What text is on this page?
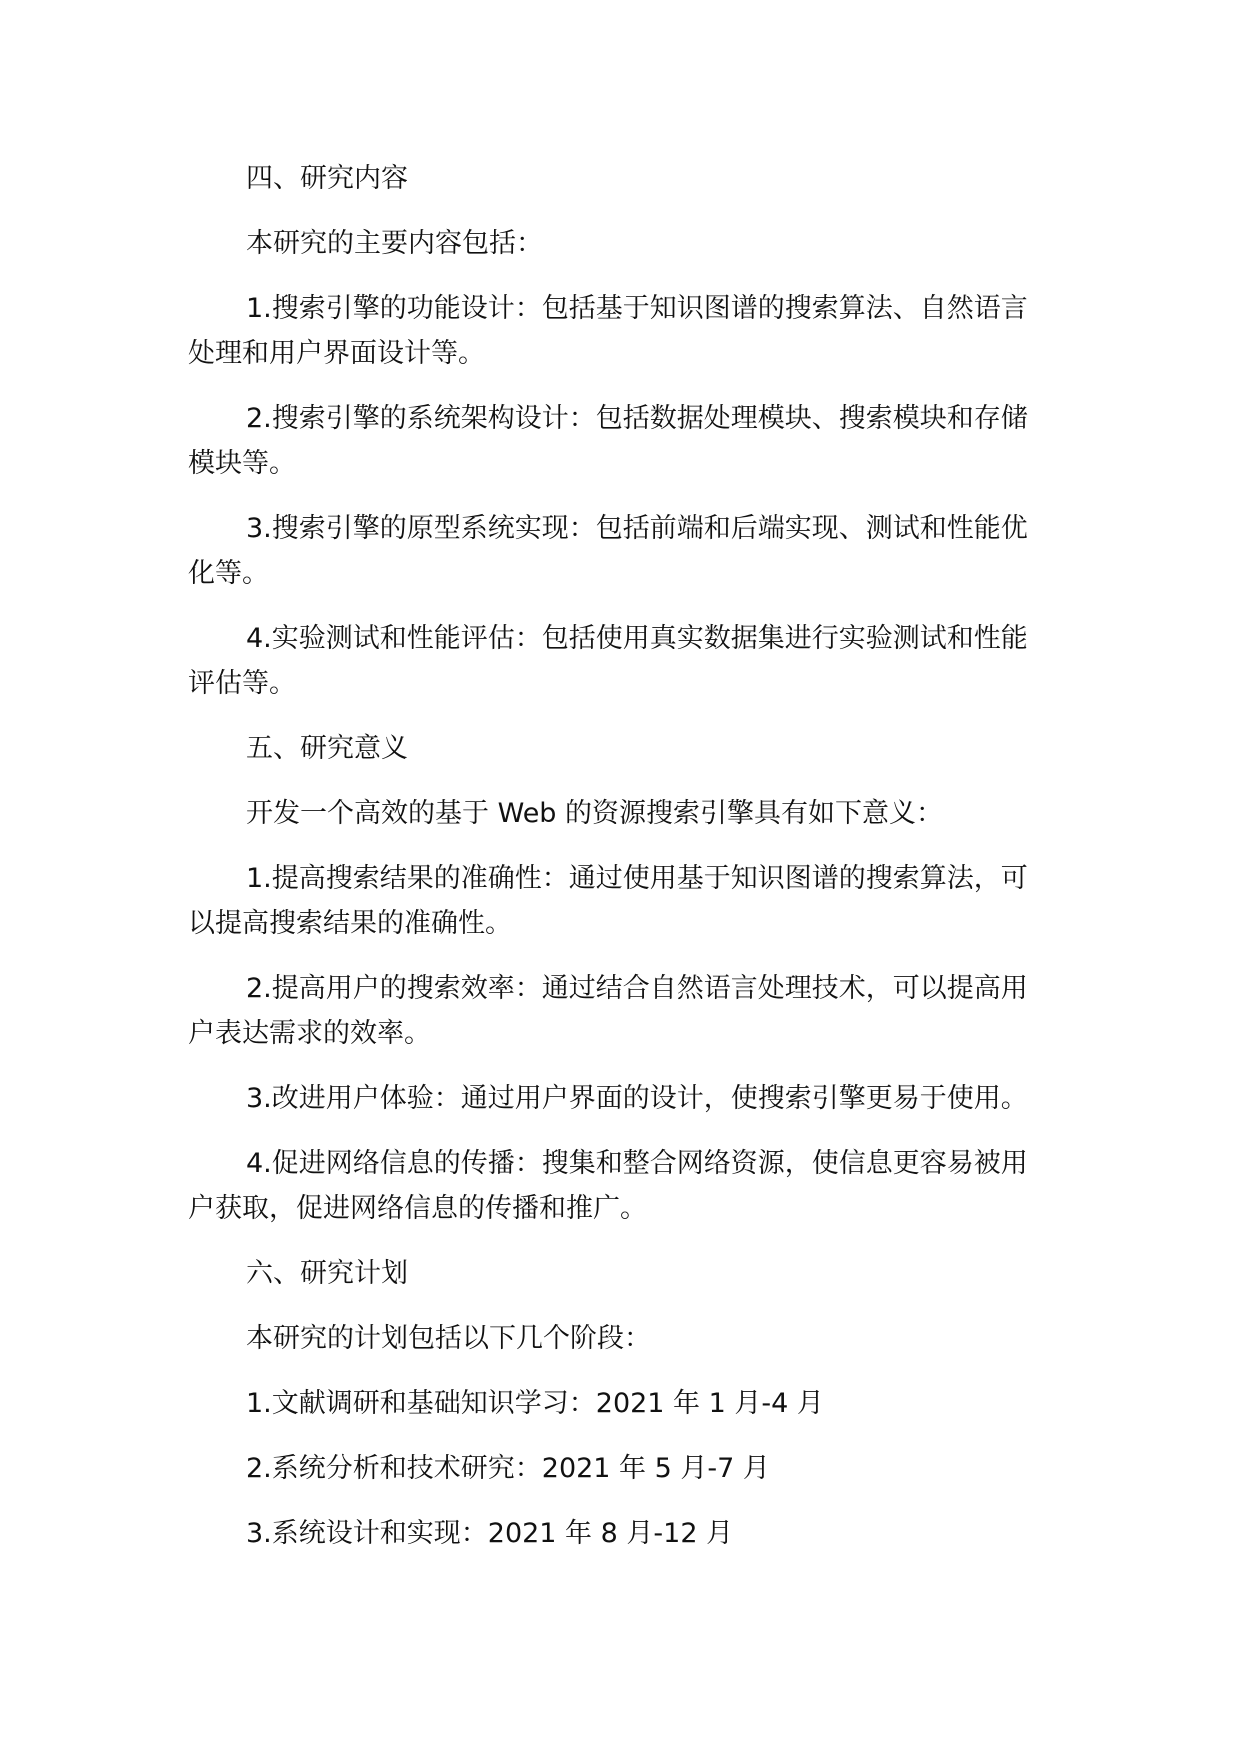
四、研究内容
本研究的主要内容包括：
1.搜索引擎的功能设计：包括基于知识图谱的搜索算法、自然语言
处理和用户界面设计等。
2.搜索引擎的系统架构设计：包括数据处理模块、搜索模块和存储
模块等。
3.搜索引擎的原型系统实现：包括前端和后端实现、测试和性能优
化等。
4.实验测试和性能评估：包括使用真实数据集进行实验测试和性能
评估等。
五、研究意义
开发一个高效的基于 Web 的资源搜索引擎具有如下意义：
1.提高搜索结果的准确性：通过使用基于知识图谱的搜索算法，可
以提高搜索结果的准确性。
2.提高用户的搜索效率：通过结合自然语言处理技术，可以提高用
户表达需求的效率。
3.改进用户体验：通过用户界面的设计，使搜索引擎更易于使用。
4.促进网络信息的传播：搜集和整合网络资源，使信息更容易被用
户获取，促进网络信息的传播和推广。
六、研究计划
本研究的计划包括以下几个阶段：
1.文献调研和基础知识学习：2021 年 1 月-4 月
2.系统分析和技术研究：2021 年 5 月-7 月
3.系统设计和实现：2021 年 8 月-12 月
